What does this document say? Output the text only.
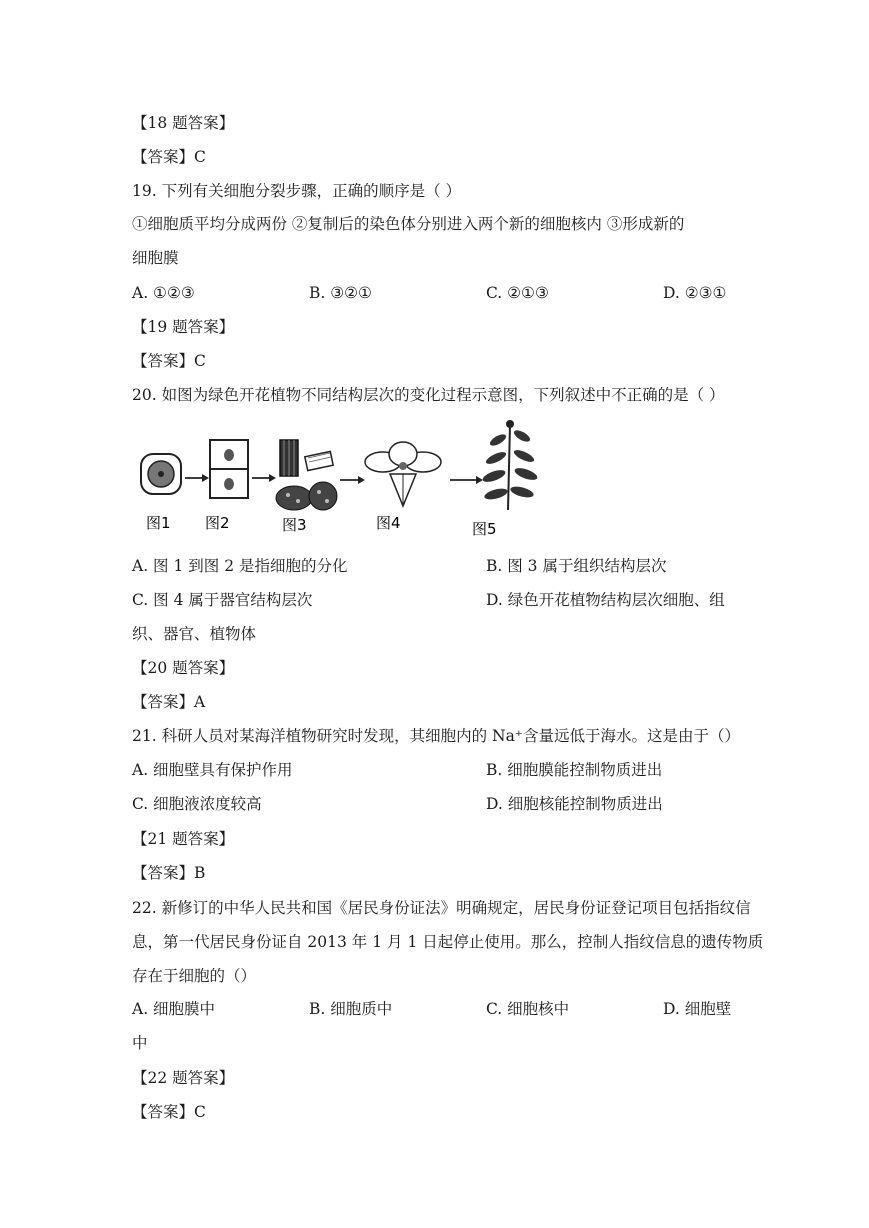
【18 题答案】
【答案】C
19. 下列有关细胞分裂步骤，正确的顺序是（ ）
①细胞质平均分成两份 ②复制后的染色体分别进入两个新的细胞核内 ③形成新的
细胞膜
A. ①②③	B. ③②①	C. ②①③	D. ②③①
【19 题答案】
【答案】C
20. 如图为绿色开花植物不同结构层次的变化过程示意图，下列叙述中不正确的是（ ）
图1 图2	图3	图4	图5
A. 图 1 到图 2 是指细胞的分化	B. 图 3 属于组织结构层次
C. 图 4 属于器官结构层次	D. 绿色开花植物结构层次细胞、组
织、器官、植物体
【20 题答案】
【答案】A
21. 科研人员对某海洋植物研究时发现，其细胞内的 Na⁺含量远低于海水。这是由于（）
A. 细胞壁具有保护作用	B. 细胞膜能控制物质进出
C. 细胞液浓度较高	D. 细胞核能控制物质进出
【21 题答案】
【答案】B
22. 新修订的中华人民共和国《居民身份证法》明确规定，居民身份证登记项目包括指纹信
息，第一代居民身份证自 2013 年 1 月 1 日起停止使用。那么，控制人指纹信息的遗传物质
存在于细胞的（）
A. 细胞膜中	B. 细胞质中	C. 细胞核中	D. 细胞壁
中
【22 题答案】
【答案】C
